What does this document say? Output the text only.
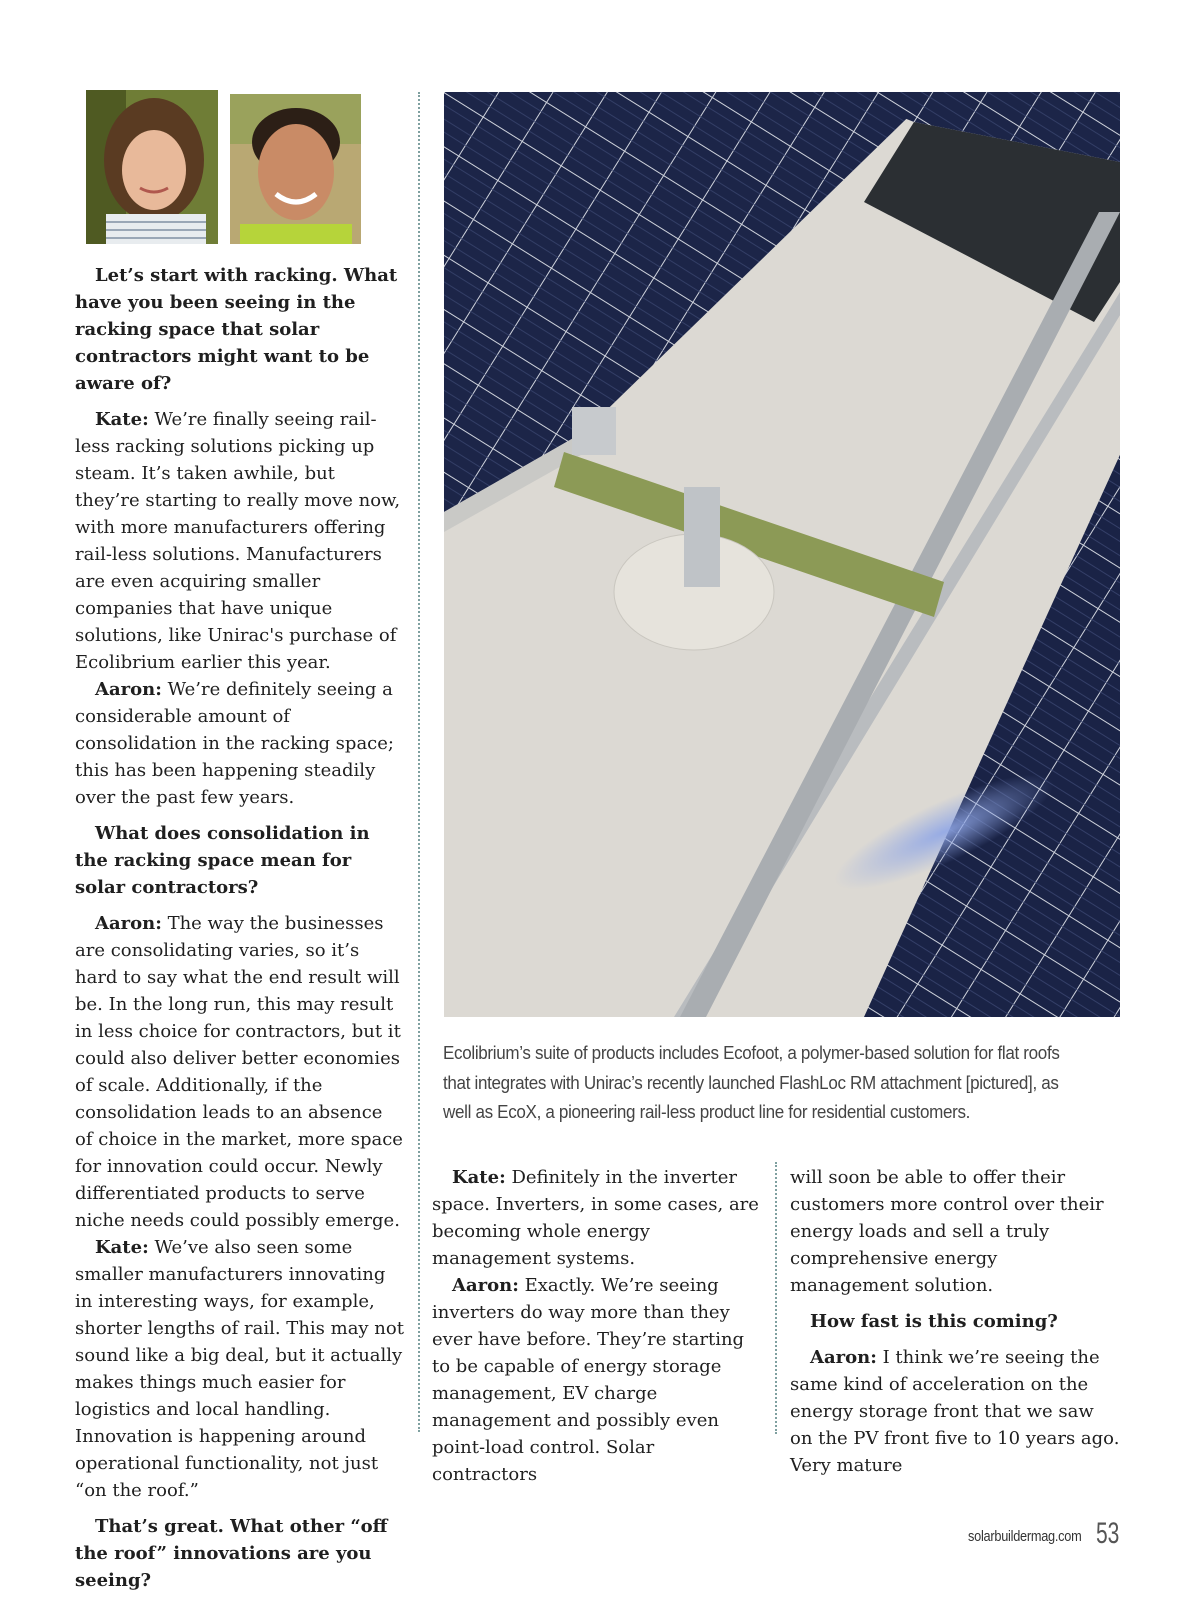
Let’s start with racking. What have you been seeing in the racking space that solar contractors might want to be aware of?

Kate: We’re finally seeing rail-less racking solutions picking up steam. It’s taken awhile, but they’re starting to really move now, with more manufacturers offering rail-less solutions. Manufacturers are even acquiring smaller companies that have unique solutions, like Unirac's purchase of Ecolibrium earlier this year.

Aaron: We’re definitely seeing a considerable amount of consolidation in the racking space; this has been happening steadily over the past few years.

What does consolidation in the racking space mean for solar contractors?

Aaron: The way the businesses are consolidating varies, so it’s hard to say what the end result will be. In the long run, this may result in less choice for contractors, but it could also deliver better economies of scale. Additionally, if the consolidation leads to an absence of choice in the market, more space for innovation could occur. Newly differentiated products to serve niche needs could possibly emerge.

Kate: We’ve also seen some smaller manufacturers innovating in interesting ways, for example, shorter lengths of rail. This may not sound like a big deal, but it actually makes things much easier for logistics and local handling. Innovation is happening around operational functionality, not just “on the roof.”

That’s great. What other “off the roof” innovations are you seeing?

Ecolibrium’s suite of products includes Ecofoot, a polymer-based solution for flat roofs that integrates with Unirac’s recently launched FlashLoc RM attachment [pictured], as well as EcoX, a pioneering rail-less product line for residential customers.

Kate: Definitely in the inverter space. Inverters, in some cases, are becoming whole energy management systems.

Aaron: Exactly. We’re seeing inverters do way more than they ever have before. They’re starting to be capable of energy storage management, EV charge management and possibly even point-load control. Solar contractors

will soon be able to offer their customers more control over their energy loads and sell a truly comprehensive energy management solution.

How fast is this coming?

Aaron: I think we’re seeing the same kind of acceleration on the energy storage front that we saw on the PV front five to 10 years ago. Very mature

solarbuildermag.com 53
